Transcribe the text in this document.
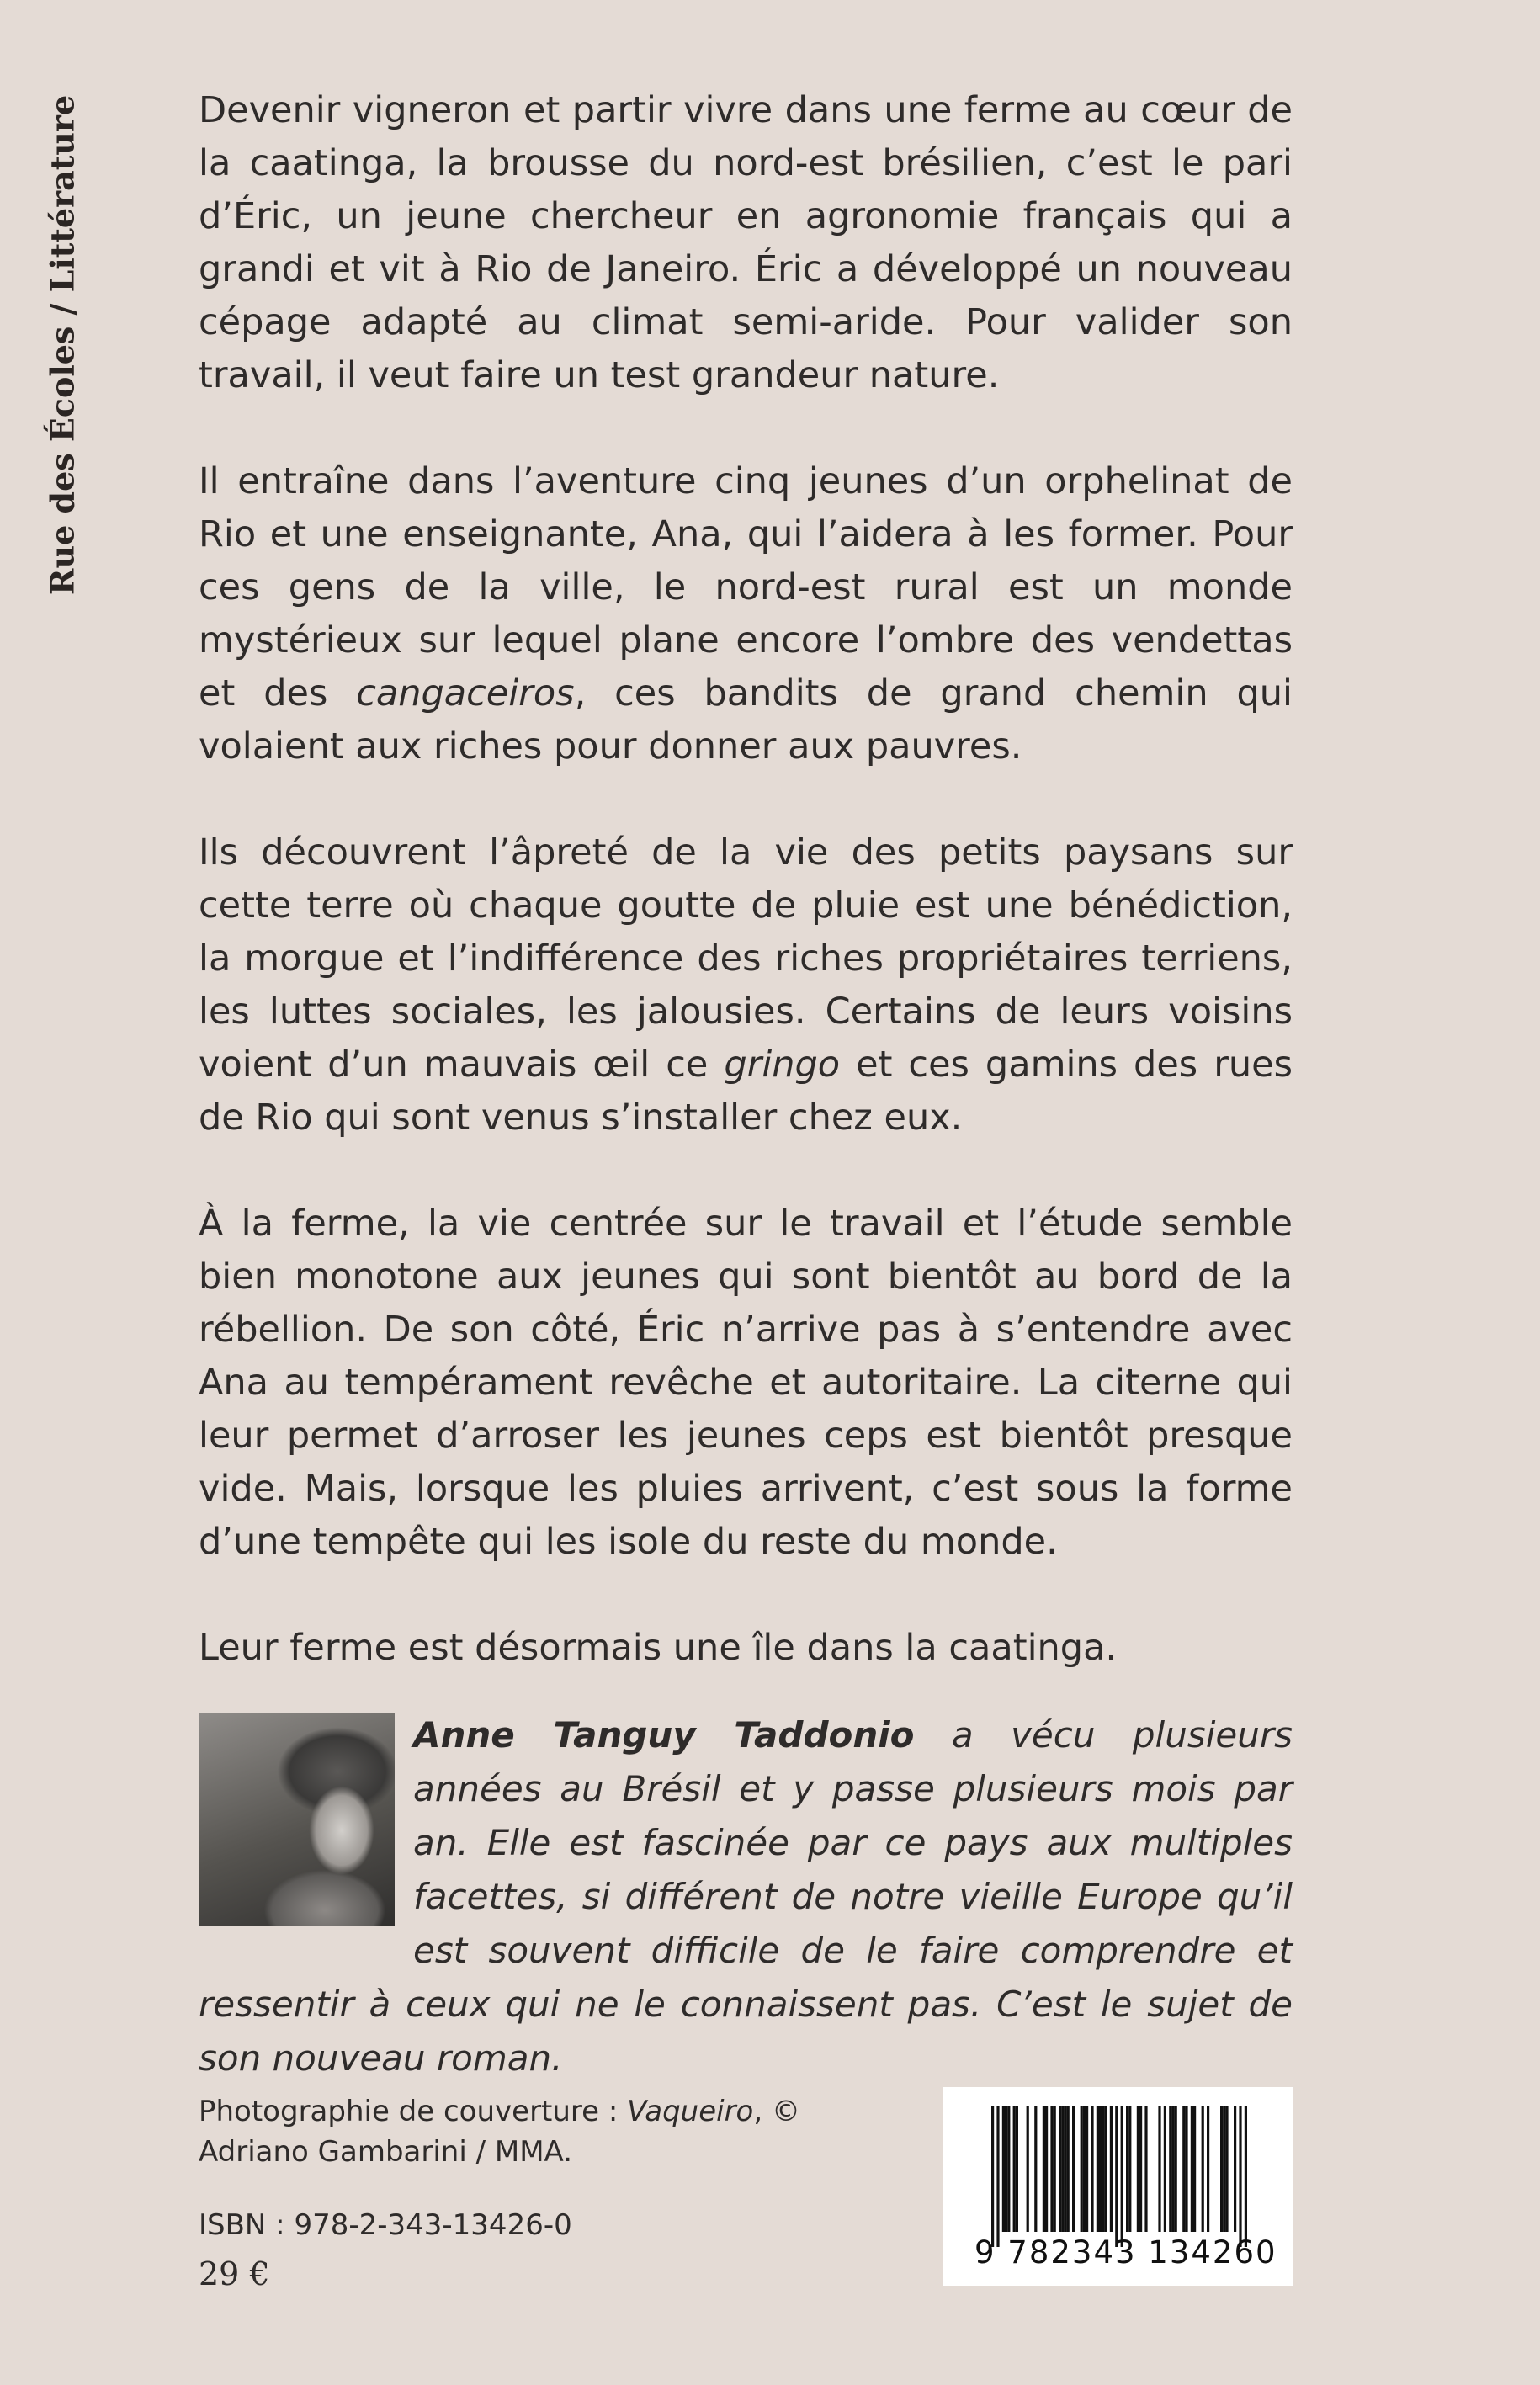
Rue des Écoles / Littérature	Devenir vigneron et partir vivre dans une ferme au cœur de la caatinga, la brousse du nord-est brésilien, c’est le pari d’Éric, un jeune chercheur en agronomie français qui a grandi et vit à Rio de Janeiro. Éric a développé un nouveau cépage adapté au climat semi-aride. Pour valider son travail, il veut faire un test grandeur nature.

Il entraîne dans l’aventure cinq jeunes d’un orphelinat de Rio et une enseignante, Ana, qui l’aidera à les former. Pour ces gens de la ville, le nord-est rural est un monde mystérieux sur lequel plane encore l’ombre des vendettas et des cangaceiros, ces bandits de grand chemin qui volaient aux riches pour donner aux pauvres.

Ils découvrent l’âpreté de la vie des petits paysans sur cette terre où chaque goutte de pluie est une bénédiction, la morgue et l’indifférence des riches propriétaires terriens, les luttes sociales, les jalousies. Certains de leurs voisins voient d’un mauvais œil ce gringo et ces gamins des rues de Rio qui sont venus s’installer chez eux.

À la ferme, la vie centrée sur le travail et l’étude semble bien monotone aux jeunes qui sont bientôt au bord de la rébellion. De son côté, Éric n’arrive pas à s’entendre avec Ana au tempérament revêche et autoritaire. La citerne qui leur permet d’arroser les jeunes ceps est bientôt presque vide. Mais, lorsque les pluies arrivent, c’est sous la forme d’une tempête qui les isole du reste du monde.

Leur ferme est désormais une île dans la caatinga.

Anne Tanguy Taddonio a vécu plusieurs années au Brésil et y passe plusieurs mois par an. Elle est fascinée par ce pays aux multiples facettes, si différent de notre vieille Europe qu’il est souvent difficile de le faire comprendre et ressentir à ceux qui ne le connaissent pas. C’est le sujet de son nouveau roman.
Photographie de couverture : Vaqueiro, © Adriano Gambarini / MMA.
ISBN : 978-2-343-13426-0
29 €
9 782343 134260
